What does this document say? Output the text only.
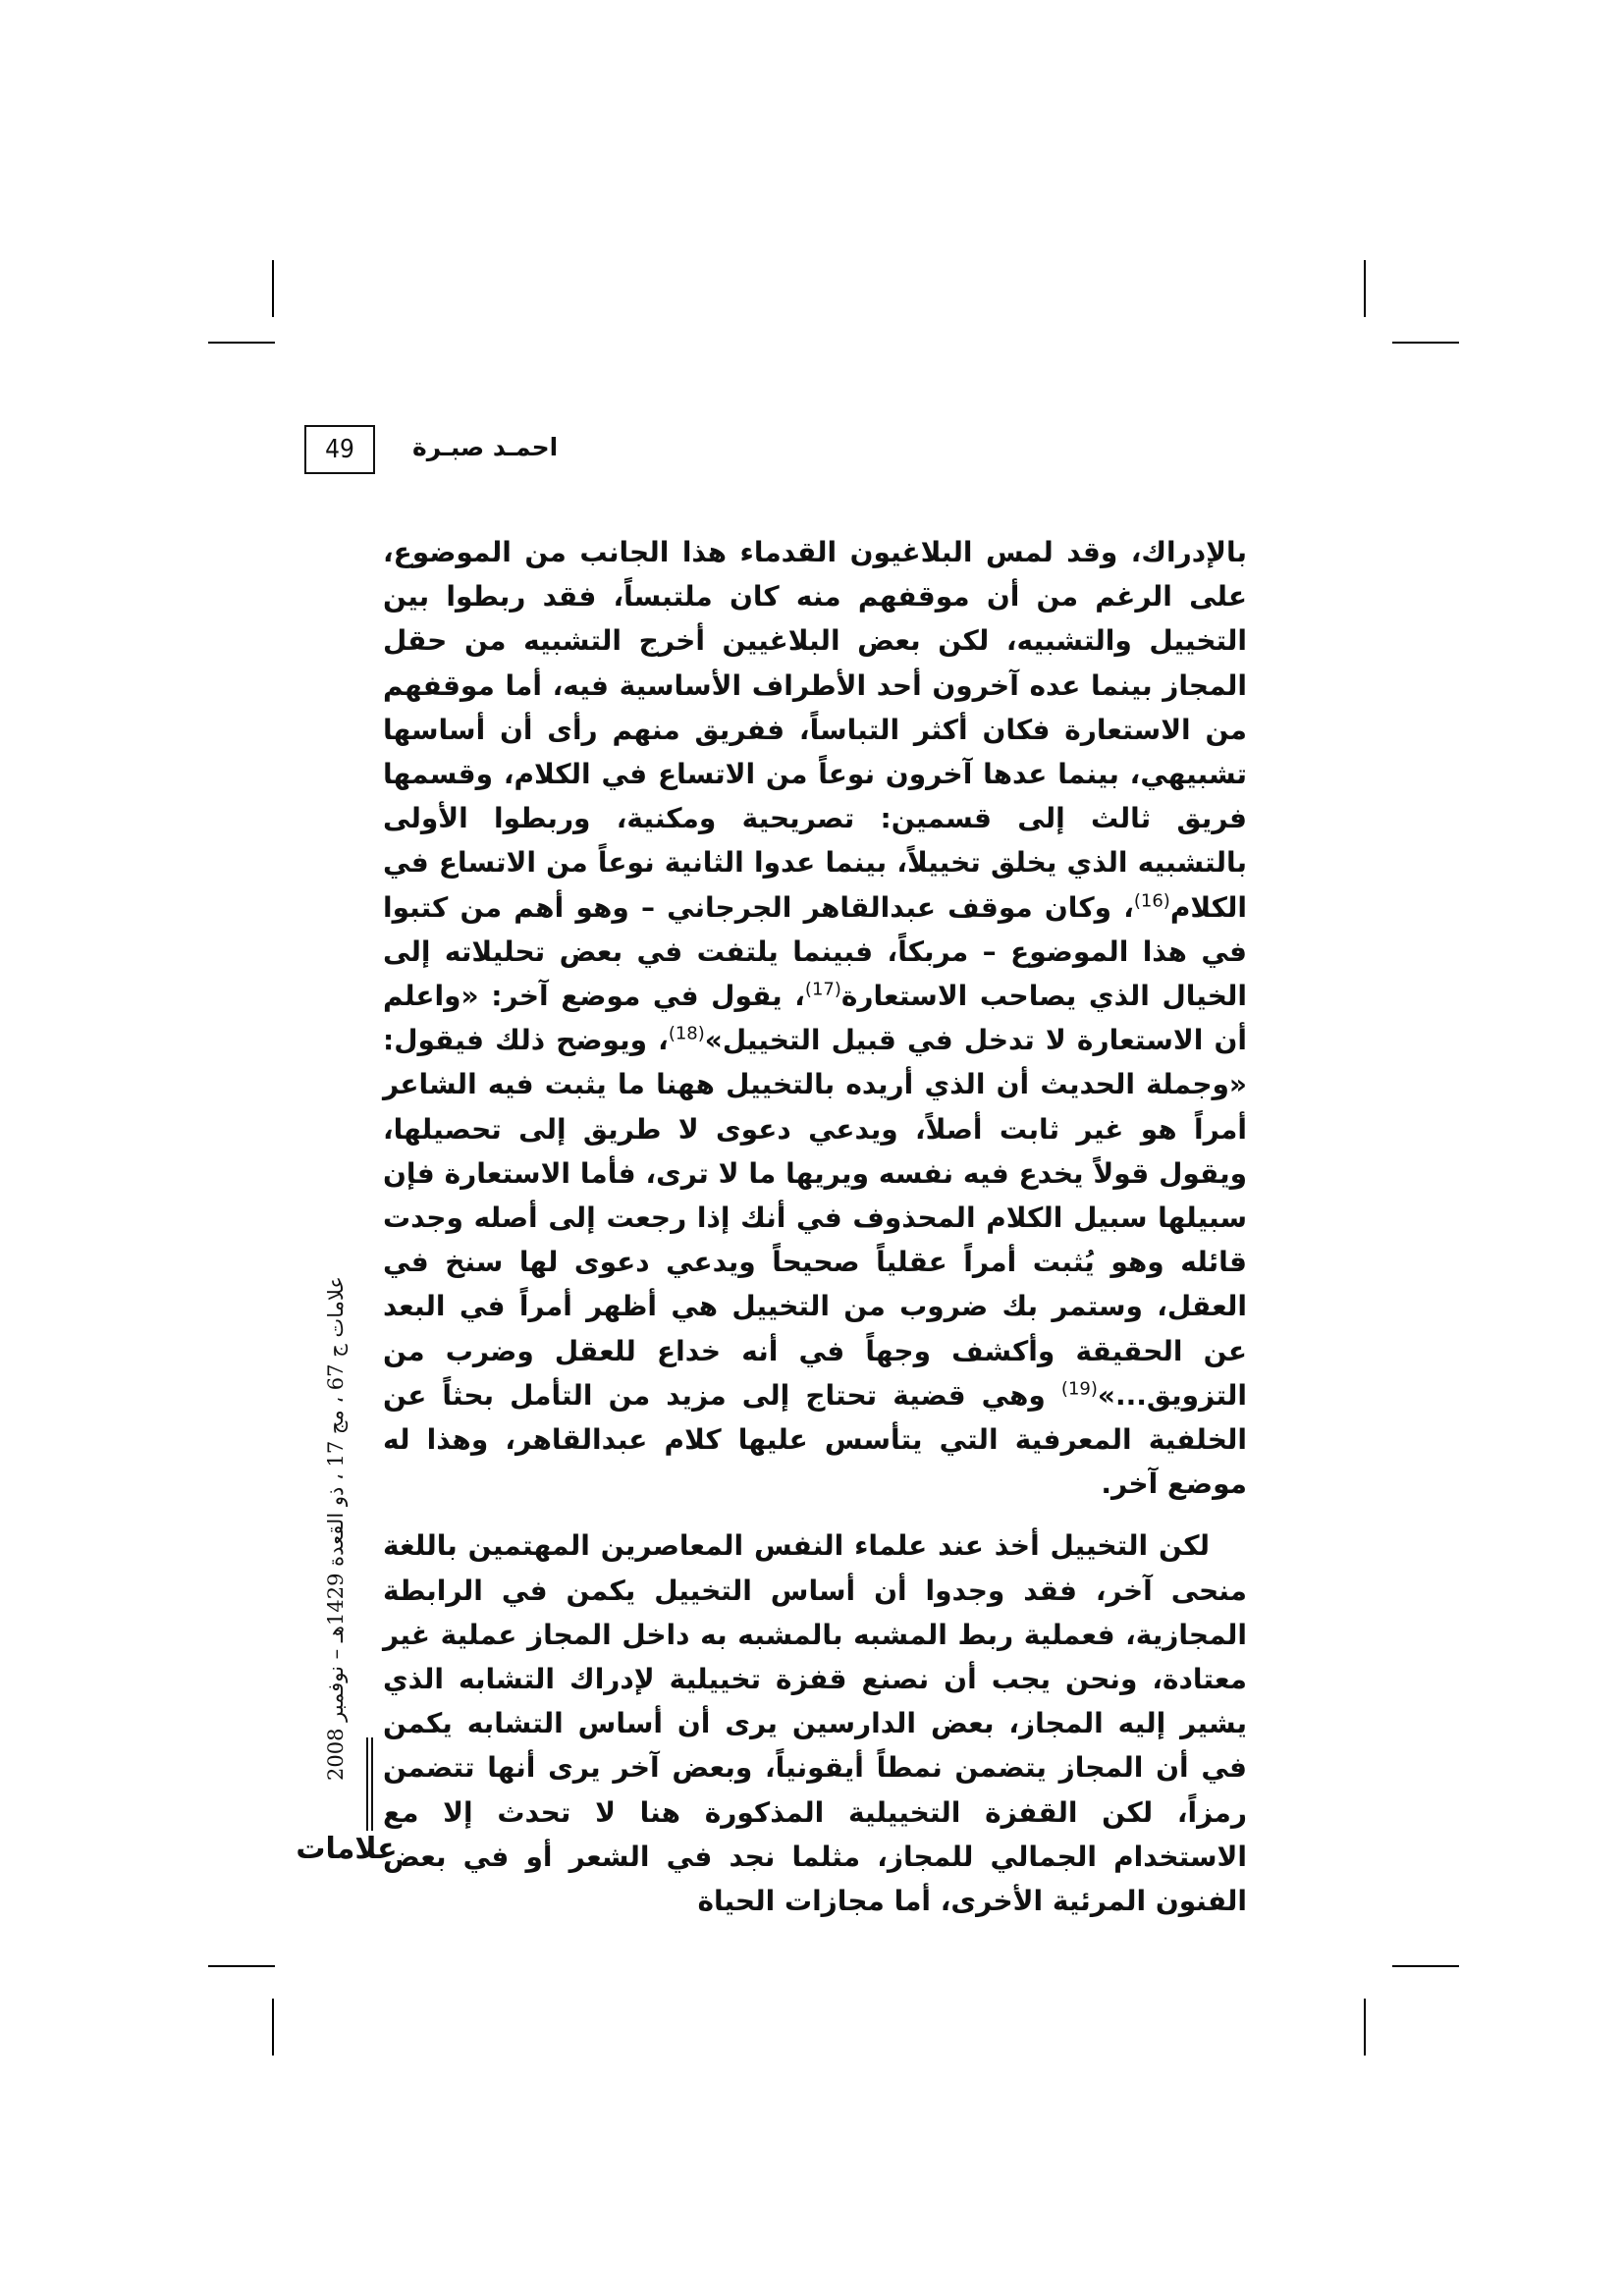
49	احمـد صبـرة

بالإدراك، وقد لمس البلاغيون القدماء هذا الجانب من الموضوع، على الرغم من أن موقفهم منه كان ملتبساً، فقد ربطوا بين التخييل والتشبيه، لكن بعض البلاغيين أخرج التشبيه من حقل المجاز بينما عده آخرون أحد الأطراف الأساسية فيه، أما موقفهم من الاستعارة فكان أكثر التباساً، ففريق منهم رأى أن أساسها تشبيهي، بينما عدها آخرون نوعاً من الاتساع في الكلام، وقسمها فريق ثالث إلى قسمين: تصريحية ومكنية، وربطوا الأولى بالتشبيه الذي يخلق تخييلاً، بينما عدوا الثانية نوعاً من الاتساع في الكلام$^{(16)}$، وكان موقف عبدالقاهر الجرجاني – وهو أهم من كتبوا في هذا الموضوع – مربكاً، فبينما يلتفت في بعض تحليلاته إلى الخيال الذي يصاحب الاستعارة$^{(17)}$، يقول في موضع آخر: «واعلم أن الاستعارة لا تدخل في قبيل التخييل»$^{(18)}$، ويوضح ذلك فيقول: «وجملة الحديث أن الذي أريده بالتخييل ههنا ما يثبت فيه الشاعر أمراً هو غير ثابت أصلاً، ويدعي دعوى لا طريق إلى تحصيلها، ويقول قولاً يخدع فيه نفسه ويريها ما لا ترى، فأما الاستعارة فإن سبيلها سبيل الكلام المحذوف في أنك إذا رجعت إلى أصله وجدت قائله وهو يُثبت أمراً عقلياً صحيحاً ويدعي دعوى لها سنخ في العقل، وستمر بك ضروب من التخييل هي أظهر أمراً في البعد عن الحقيقة وأكشف وجهاً في أنه خداع للعقل وضرب من التزويق...»$^{(19)}$ وهي قضية تحتاج إلى مزيد من التأمل بحثاً عن الخلفية المعرفية التي يتأسس عليها كلام عبدالقاهر، وهذا له موضع آخر.

لكن التخييل أخذ عند علماء النفس المعاصرين المهتمين باللغة منحى آخر، فقد وجدوا أن أساس التخييل يكمن في الرابطة المجازية، فعملية ربط المشبه بالمشبه به داخل المجاز عملية غير معتادة، ونحن يجب أن نصنع قفزة تخييلية لإدراك التشابه الذي يشير إليه المجاز، بعض الدارسين يرى أن أساس التشابه يكمن في أن المجاز يتضمن نمطاً أيقونياً، وبعض آخر يرى أنها تتضمن رمزاً، لكن القفزة التخييلية المذكورة هنا لا تحدث إلا مع الاستخدام الجمالي للمجاز، مثلما نجد في الشعر أو في بعض الفنون المرئية الأخرى، أما مجازات الحياة

علامات ج 67 ، مج 17 ، ذو القعدة 1429هـ – نوفمبر 2008
علامات
